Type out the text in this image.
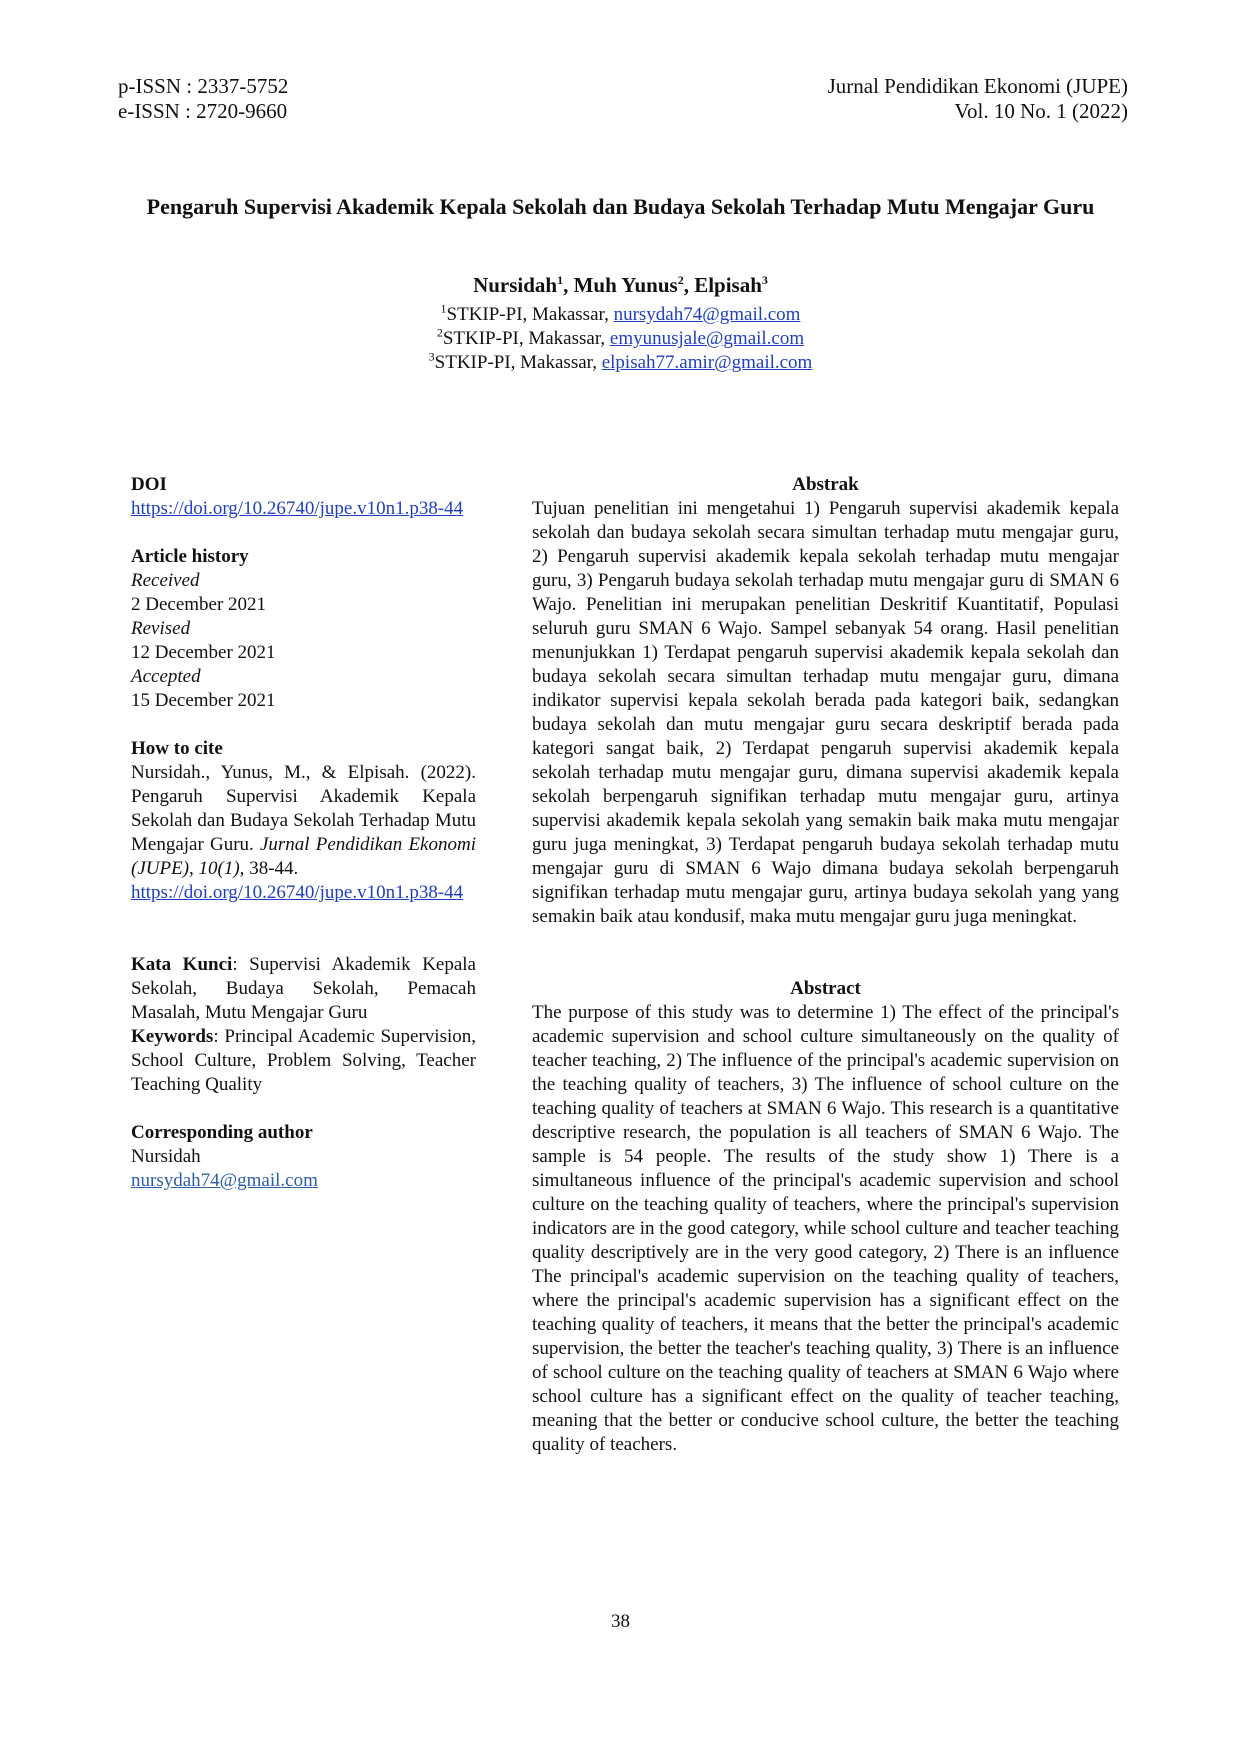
p-ISSN : 2337-5752
e-ISSN : 2720-9660
Jurnal Pendidikan Ekonomi (JUPE)
Vol. 10 No. 1 (2022)
Pengaruh Supervisi Akademik Kepala Sekolah dan Budaya Sekolah Terhadap Mutu Mengajar Guru
Nursidah$^1$, Muh Yunus$^2$, Elpisah$^3$
$^1$STKIP-PI, Makassar, nursydah74@gmail.com
$^2$STKIP-PI, Makassar, emyunusjale@gmail.com
$^3$STKIP-PI, Makassar, elpisah77.amir@gmail.com
DOI
https://doi.org/10.26740/jupe.v10n1.p38-44
Article history
Received
2 December 2021
Revised
12 December 2021
Accepted
15 December 2021
How to cite
Nursidah., Yunus, M., & Elpisah. (2022). Pengaruh Supervisi Akademik Kepala Sekolah dan Budaya Sekolah Terhadap Mutu Mengajar Guru. Jurnal Pendidikan Ekonomi (JUPE), 10(1), 38-44.
https://doi.org/10.26740/jupe.v10n1.p38-44
Kata Kunci: Supervisi Akademik Kepala Sekolah, Budaya Sekolah, Pemacah Masalah, Mutu Mengajar Guru
Keywords: Principal Academic Supervision, School Culture, Problem Solving, Teacher Teaching Quality
Corresponding author
Nursidah
nursydah74@gmail.com
Abstrak

Tujuan penelitian ini mengetahui 1) Pengaruh supervisi akademik kepala sekolah dan budaya sekolah secara simultan terhadap mutu mengajar guru, 2) Pengaruh supervisi akademik kepala sekolah terhadap mutu mengajar guru, 3) Pengaruh budaya sekolah terhadap mutu mengajar guru di SMAN 6 Wajo. Penelitian ini merupakan penelitian Deskritif Kuantitatif, Populasi seluruh guru SMAN 6 Wajo. Sampel sebanyak 54 orang. Hasil penelitian menunjukkan 1) Terdapat pengaruh supervisi akademik kepala sekolah dan budaya sekolah secara simultan terhadap mutu mengajar guru, dimana indikator supervisi kepala sekolah berada pada kategori baik, sedangkan budaya sekolah dan mutu mengajar guru secara deskriptif berada pada kategori sangat baik, 2) Terdapat pengaruh supervisi akademik kepala sekolah terhadap mutu mengajar guru, dimana supervisi akademik kepala sekolah berpengaruh signifikan terhadap mutu mengajar guru, artinya supervisi akademik kepala sekolah yang semakin baik maka mutu mengajar guru juga meningkat, 3) Terdapat pengaruh budaya sekolah terhadap mutu mengajar guru di SMAN 6 Wajo dimana budaya sekolah berpengaruh signifikan terhadap mutu mengajar guru, artinya budaya sekolah yang yang semakin baik atau kondusif, maka mutu mengajar guru juga meningkat.

Abstract

The purpose of this study was to determine 1) The effect of the principal's academic supervision and school culture simultaneously on the quality of teacher teaching, 2) The influence of the principal's academic supervision on the teaching quality of teachers, 3) The influence of school culture on the teaching quality of teachers at SMAN 6 Wajo. This research is a quantitative descriptive research, the population is all teachers of SMAN 6 Wajo. The sample is 54 people. The results of the study show 1) There is a simultaneous influence of the principal's academic supervision and school culture on the teaching quality of teachers, where the principal's supervision indicators are in the good category, while school culture and teacher teaching quality descriptively are in the very good category, 2) There is an influence The principal's academic supervision on the teaching quality of teachers, where the principal's academic supervision has a significant effect on the teaching quality of teachers, it means that the better the principal's academic supervision, the better the teacher's teaching quality, 3) There is an influence of school culture on the teaching quality of teachers at SMAN 6 Wajo where school culture has a significant effect on the quality of teacher teaching, meaning that the better or conducive school culture, the better the teaching quality of teachers.

38
